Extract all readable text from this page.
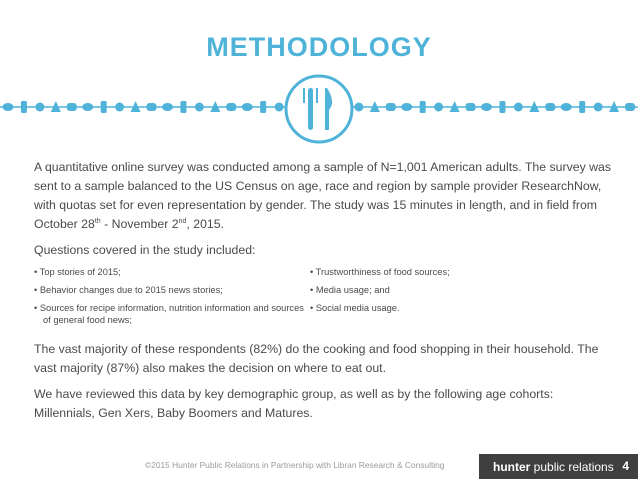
METHODOLOGY

A quantitative online survey was conducted among a sample of N=1,001 American adults. The survey was sent to a sample balanced to the US Census on age, race and region by sample provider ResearchNow, with quotas set for even representation by gender. The study was 15 minutes in length, and in field from October 28th - November 2nd, 2015.

Questions covered in the study included:

• Top stories of 2015;
• Behavior changes due to 2015 news stories;
• Sources for recipe information, nutrition information and sources of general food news;
• Trustworthiness of food sources;
• Media usage; and
• Social media usage.

The vast majority of these respondents (82%) do the cooking and food shopping in their household. The vast majority (87%) also makes the decision on where to eat out.

We have reviewed this data by key demographic group, as well as by the following age cohorts: Millennials, Gen Xers, Baby Boomers and Matures.

©2015 Hunter Public Relations in Partnership with Libran Research & Consulting	hunter public relations 4
